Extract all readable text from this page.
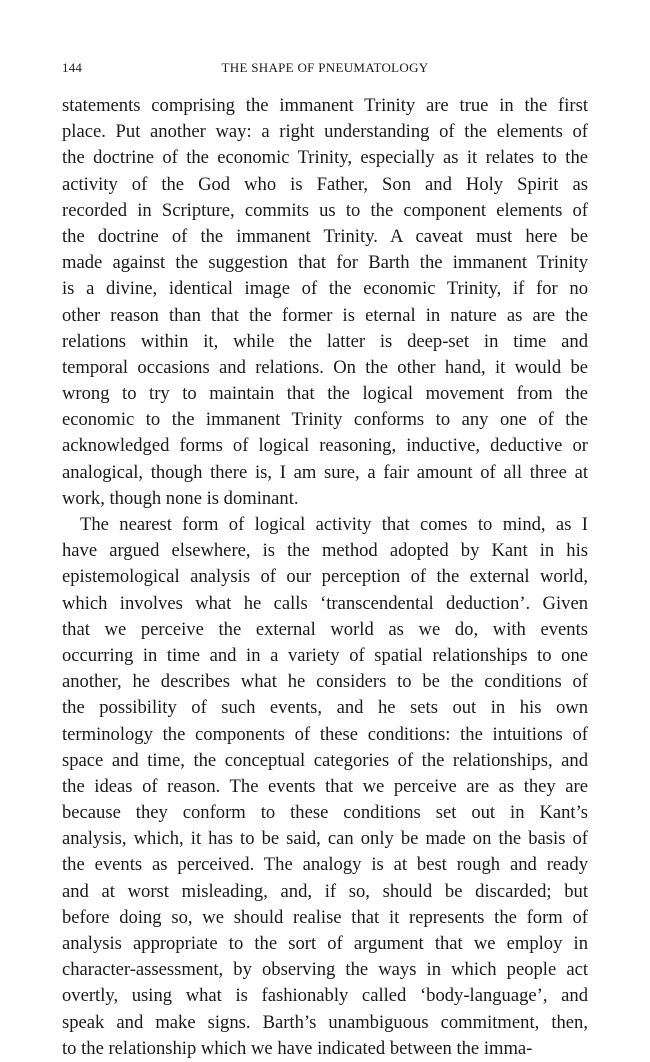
144	THE SHAPE OF PNEUMATOLOGY
statements comprising the immanent Trinity are true in the first
place. Put another way: a right understanding of the elements of
the doctrine of the economic Trinity, especially as it relates to the
activity of the God who is Father, Son and Holy Spirit as
recorded in Scripture, commits us to the component elements of
the doctrine of the immanent Trinity. A caveat must here be
made against the suggestion that for Barth the immanent Trinity
is a divine, identical image of the economic Trinity, if for no
other reason than that the former is eternal in nature as are the
relations within it, while the latter is deep-set in time and
temporal occasions and relations. On the other hand, it would be
wrong to try to maintain that the logical movement from the
economic to the immanent Trinity conforms to any one of the
acknowledged forms of logical reasoning, inductive, deductive or
analogical, though there is, I am sure, a fair amount of all three at
work, though none is dominant.
The nearest form of logical activity that comes to mind, as I
have argued elsewhere, is the method adopted by Kant in his
epistemological analysis of our perception of the external world,
which involves what he calls ‘transcendental deduction’. Given
that we perceive the external world as we do, with events
occurring in time and in a variety of spatial relationships to one
another, he describes what he considers to be the conditions of
the possibility of such events, and he sets out in his own
terminology the components of these conditions: the intuitions of
space and time, the conceptual categories of the relationships, and
the ideas of reason. The events that we perceive are as they are
because they conform to these conditions set out in Kant’s
analysis, which, it has to be said, can only be made on the basis of
the events as perceived. The analogy is at best rough and ready
and at worst misleading, and, if so, should be discarded; but
before doing so, we should realise that it represents the form of
analysis appropriate to the sort of argument that we employ in
character-assessment, by observing the ways in which people act
overtly, using what is fashionably called ‘body-language’, and
speak and make signs. Barth’s unambiguous commitment, then,
to the relationship which we have indicated between the imma-
